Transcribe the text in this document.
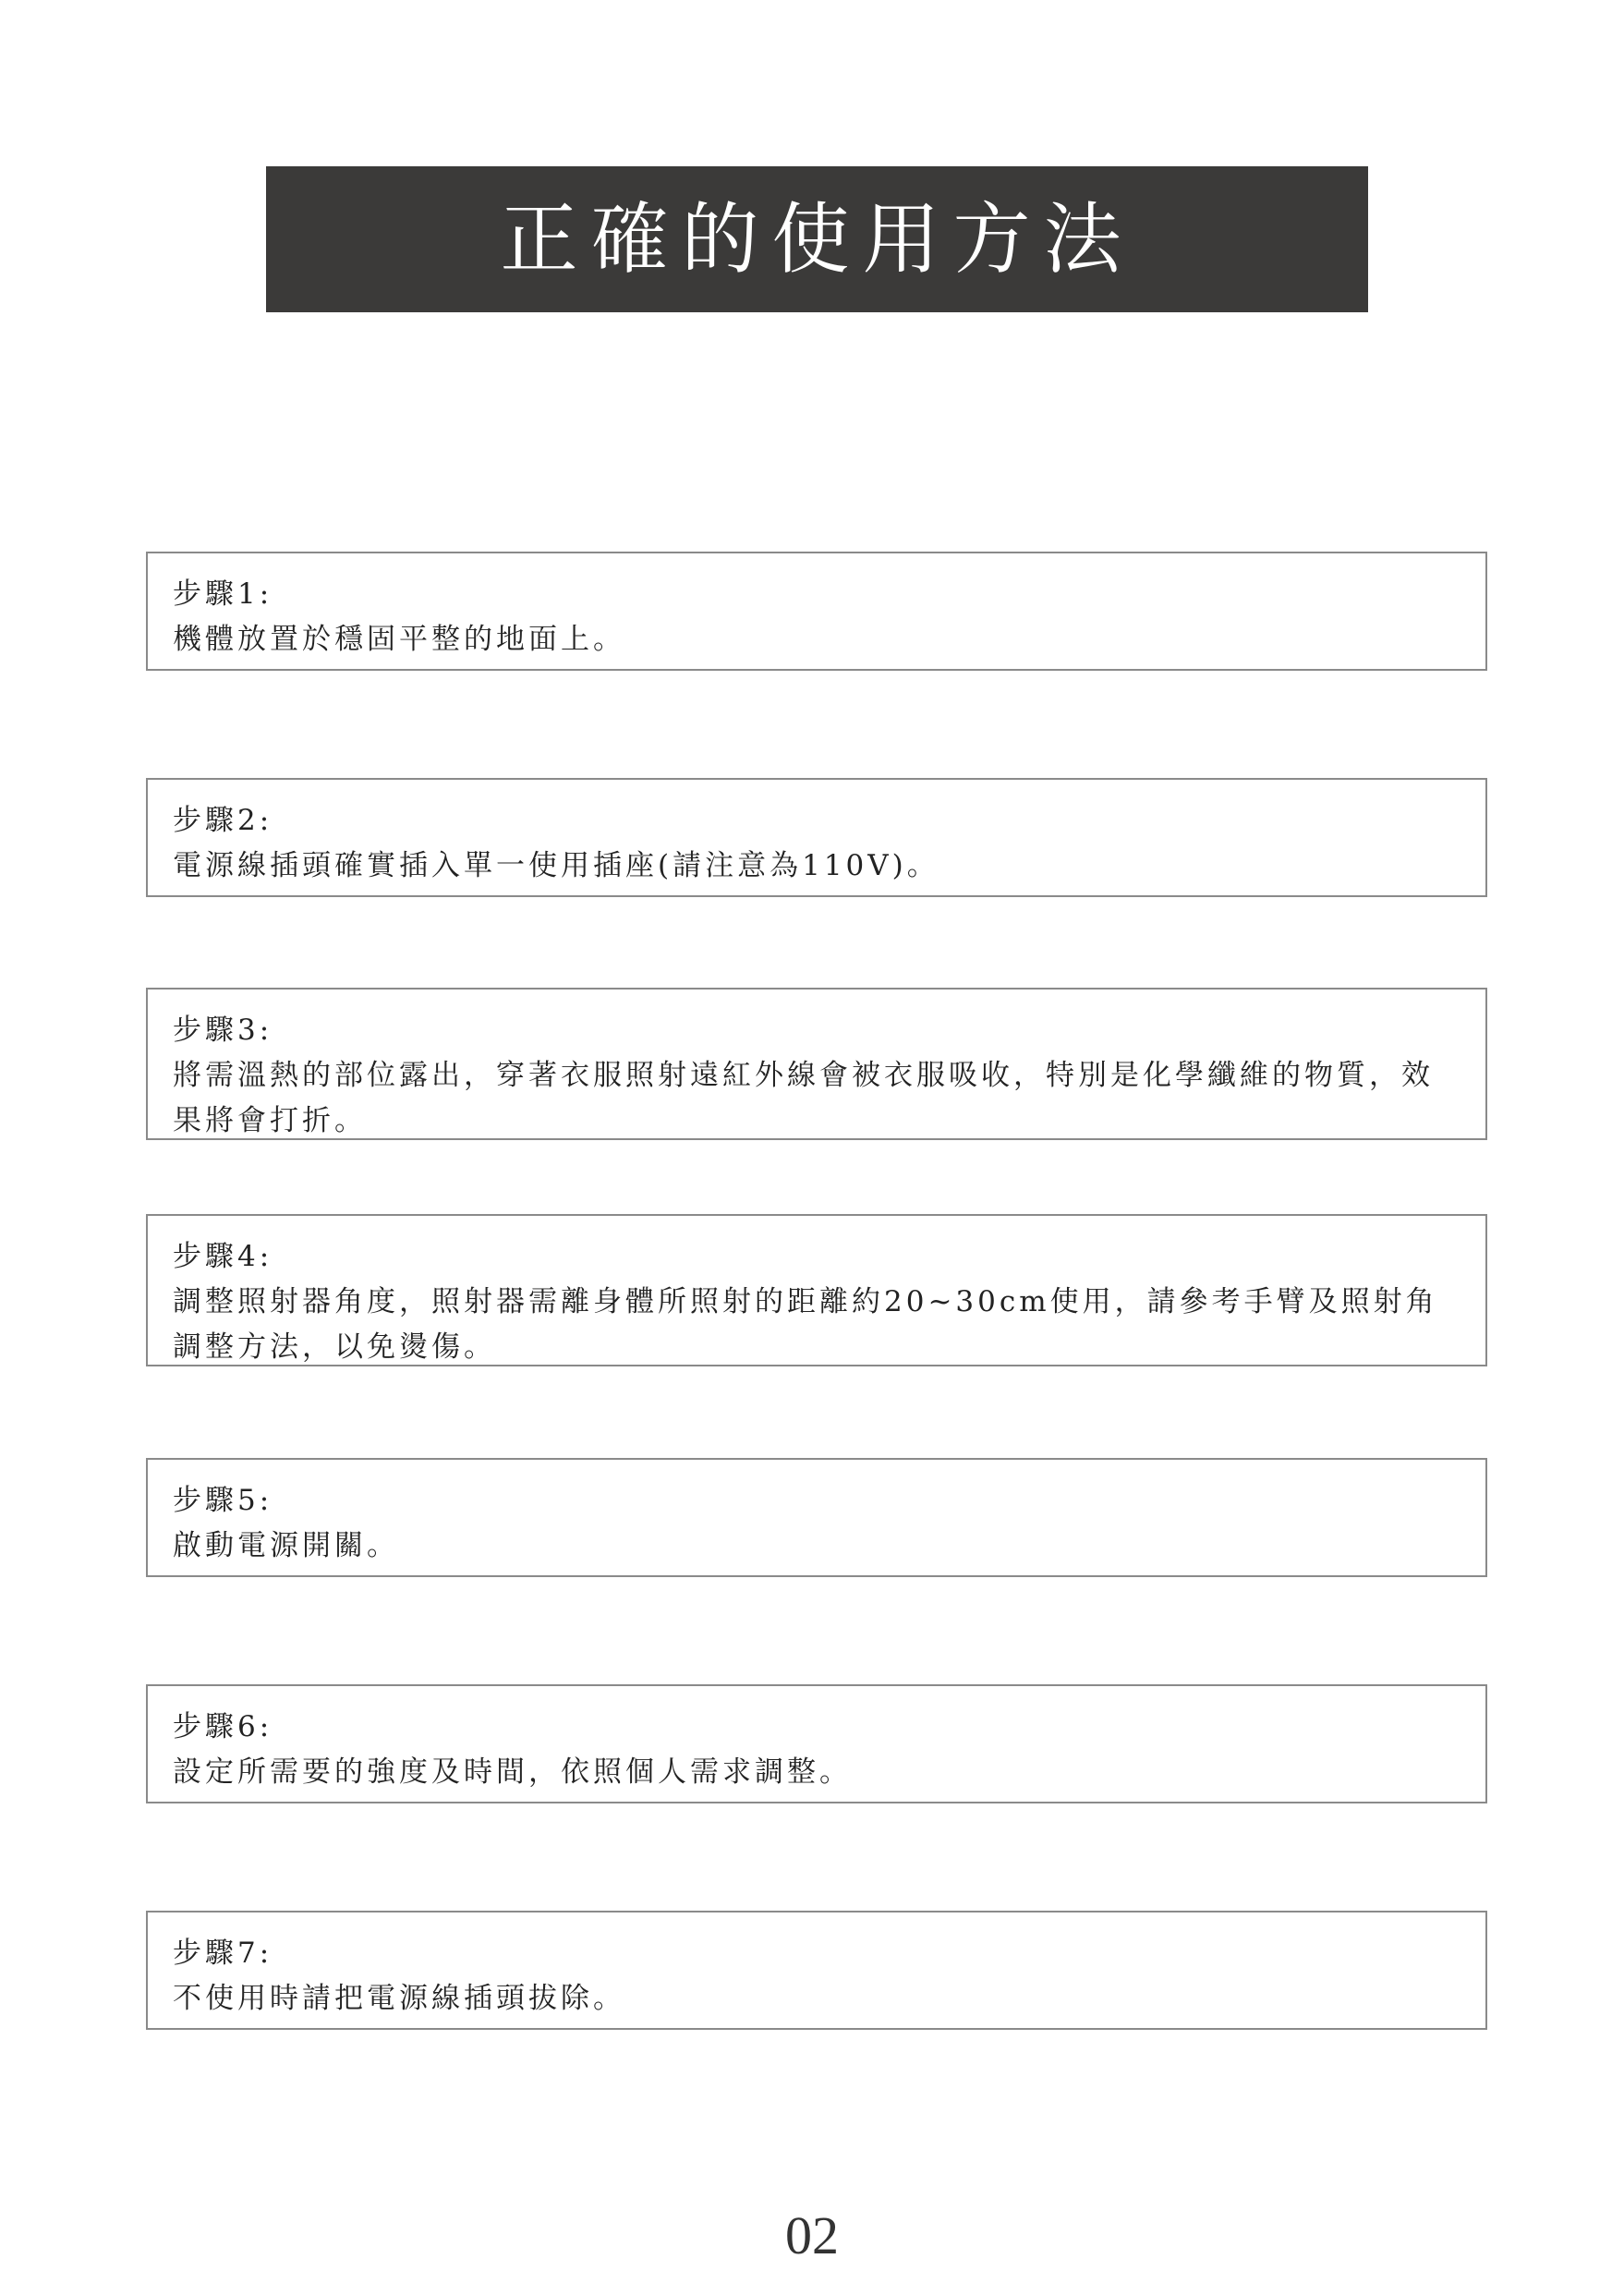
正確的使用方法
步驟1:
機體放置於穩固平整的地面上。
步驟2:
電源線插頭確實插入單一使用插座(請注意為110V)。
步驟3:
將需溫熱的部位露出，穿著衣服照射遠紅外線會被衣服吸收，特別是化學纖維的物質，效果將會打折。
步驟4:
調整照射器角度，照射器需離身體所照射的距離約20~30cm使用，請參考手臂及照射角調整方法，以免燙傷。
步驟5:
啟動電源開關。
步驟6:
設定所需要的強度及時間，依照個人需求調整。
步驟7:
不使用時請把電源線插頭拔除。
02
